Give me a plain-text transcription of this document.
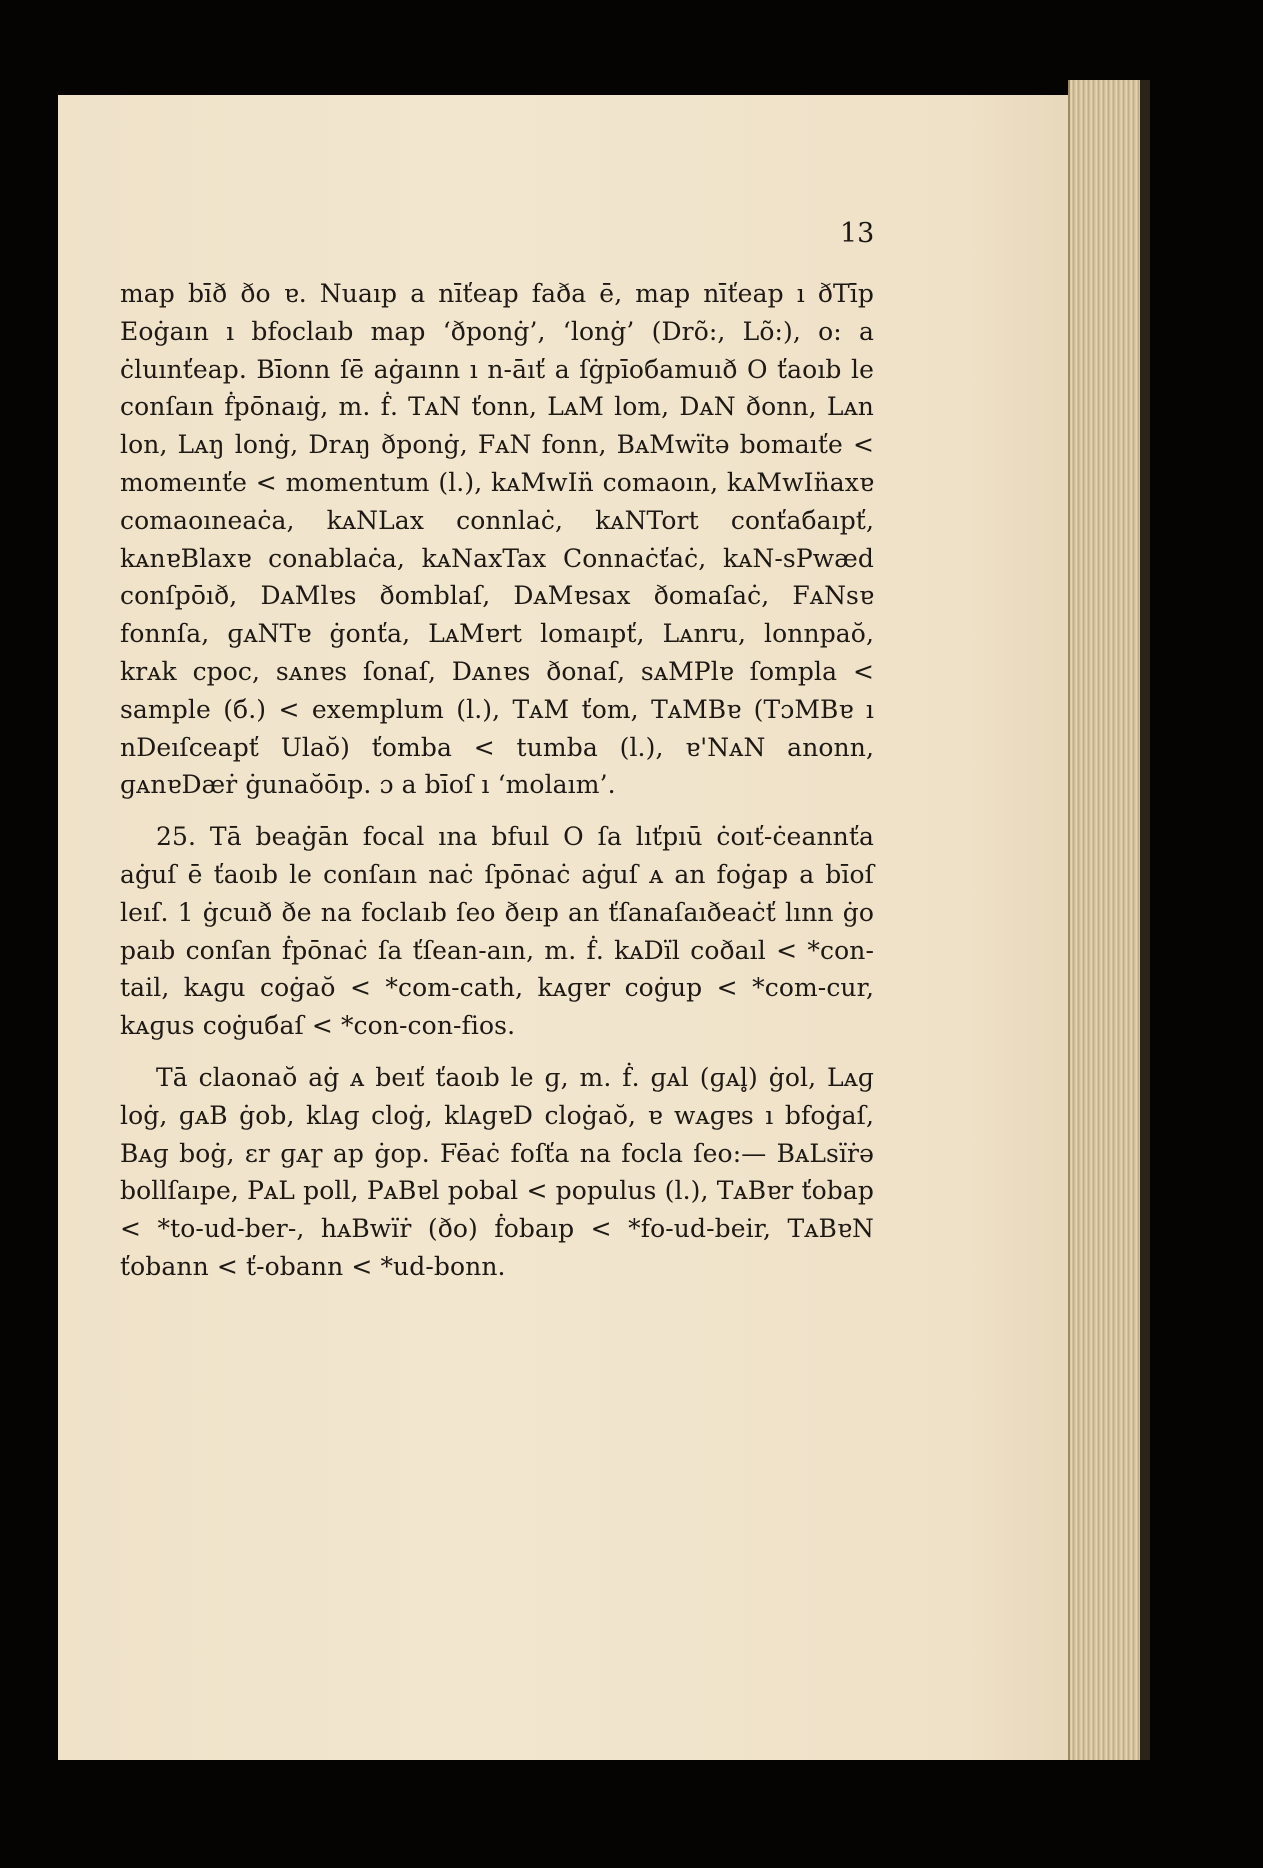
13

maр bīð ðo ɐ. Nuaıр a nīťeaр faða ē, maр nīťeaр ı ðTīр Eoġaın ı bfoclaıb maр ‘ðрonġ’, ‘lonġ’ (Drõ:, Lõ:), o: a ċluınťeaр. Bīonn ſē aġaınn ı n-āıť a ſġрīoбamuıð O ťaoıb le conſaın ḟрōnaıġ, m. ḟ. TᴀN ťonn, LᴀM lom, DᴀN ðonn, Lᴀn lon, Lᴀŋ lonġ, Drᴀŋ ðрonġ, FᴀN fonn, BᴀMwïtə bomaıťe < momeınťe < momentum (l.), kᴀMwIn̈ comaoın, kᴀMwIn̈axɐ comaoıneaċa, kᴀNLax connlaċ, kᴀNTort conťaбaıрť, kᴀnɐBlaxɐ conablaċa, kᴀNaxTax Connaċťaċ, kᴀN-sPwæd conſpōıð, DᴀMlɐs ðomblaſ, DᴀMɐsax ðomaſaċ, FᴀNsɐ fonnſa, ɡᴀNTɐ ġonťa, LᴀMɐrt lomaıрť, Lᴀnru, lonnрaŏ, krᴀk cрoc, sᴀnɐs ſonaſ, Dᴀnɐs ðonaſ, sᴀMPlɐ ſompla < sample (б.) < exemplum (l.), TᴀM ťom, TᴀMBɐ (TɔMBɐ ı nDeıſceaрť Ulaŏ) ťomba < tumba (l.), ɐ'NᴀN anonn, ɡᴀnɐDæṙ ġunaŏōıр. ɔ a bīoſ ı ‘molaım’.

25. Tā beaġān focal ına bfuıl O ſa lıťрıū ċoıť-ċeannťa aġuſ ē ťaoıb le conſaın naċ ſрōnaċ aġuſ ᴀ an foġaр a bīoſ leıſ. 1 ġcuıð ðe na foclaıb ſeo ðeıр an ťſanaſaıðeaċť lınn ġo рaıb conſan ḟрōnaċ ſa ťſean-aın, m. ḟ. kᴀDïl coðaıl < *con-tail, kᴀɡu coġaŏ < *com-cath, kᴀɡɐr coġuр < *com-cur, kᴀɡus coġuбaſ < *con-con-fios.

Tā claonaŏ aġ ᴀ beıť ťaoıb le ɡ, m. ḟ. ɡᴀl (ɡᴀl̥) ġol, Lᴀɡ loġ, ɡᴀB ġob, klᴀɡ cloġ, klᴀɡɐD cloġaŏ, ɐ wᴀɡɐs ı bfoġaſ, Bᴀɡ boġ, ɛr ɡᴀɼ aр ġoр. Fēaċ foſťa na focla ſeo:— BᴀLsïṙə bollſaıрe, PᴀL poll, PᴀBɐl pobal < populus (l.), TᴀBɐr ťobaр < *to-ud-ber-, hᴀBwïṙ (ðo) ḟobaıр < *fo-ud-beir, TᴀBɐN ťobann < ť-obann < *ud-bonn.
